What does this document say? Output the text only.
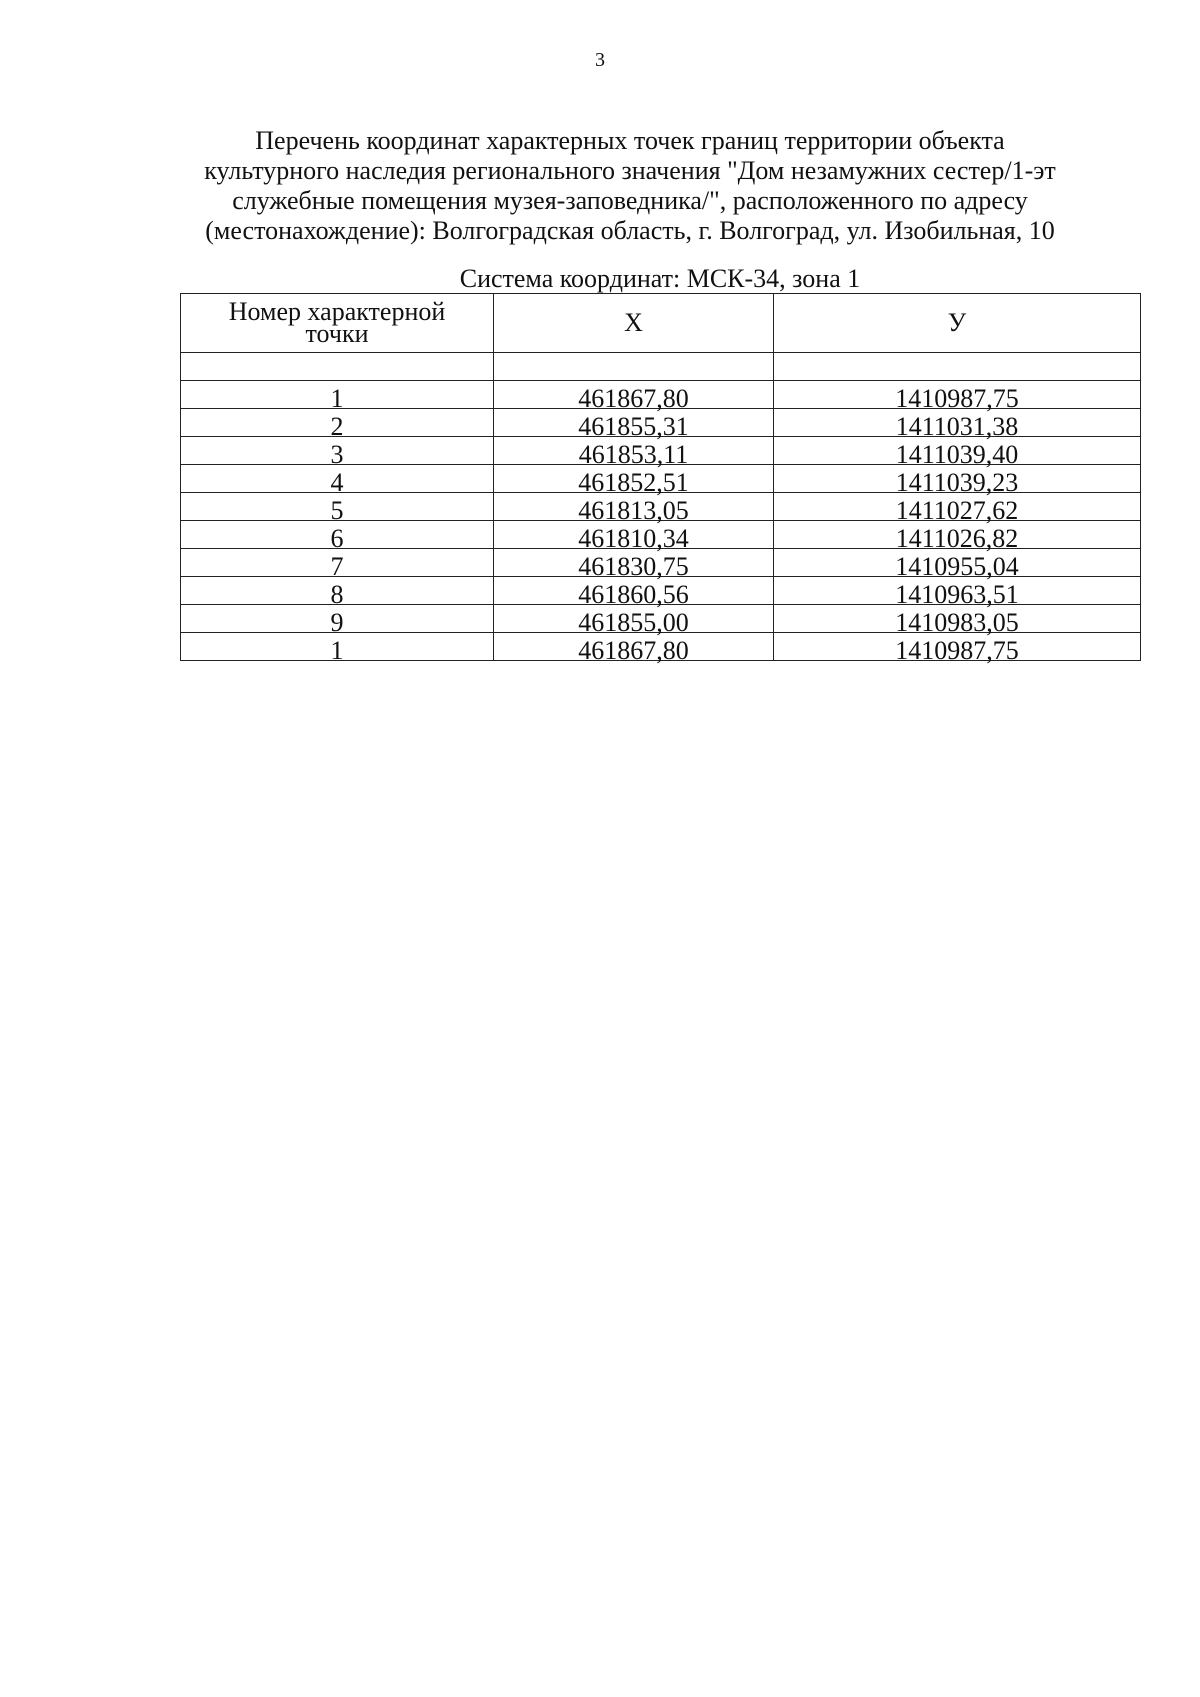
3
Перечень координат характерных точек границ территории объекта
культурного наследия регионального значения "Дом незамужних сестер/1-эт
служебные помещения музея-заповедника/", расположенного по адресу
(местонахождение): Волгоградская область, г. Волгоград, ул. Изобильная, 10
Система координат: МСК-34, зона 1
Номер характерной
точки	X	У

1	461867,80	1410987,75
2	461855,31	1411031,38
3	461853,11	1411039,40
4	461852,51	1411039,23
5	461813,05	1411027,62
6	461810,34	1411026,82
7	461830,75	1410955,04
8	461860,56	1410963,51
9	461855,00	1410983,05
1	461867,80	1410987,75
